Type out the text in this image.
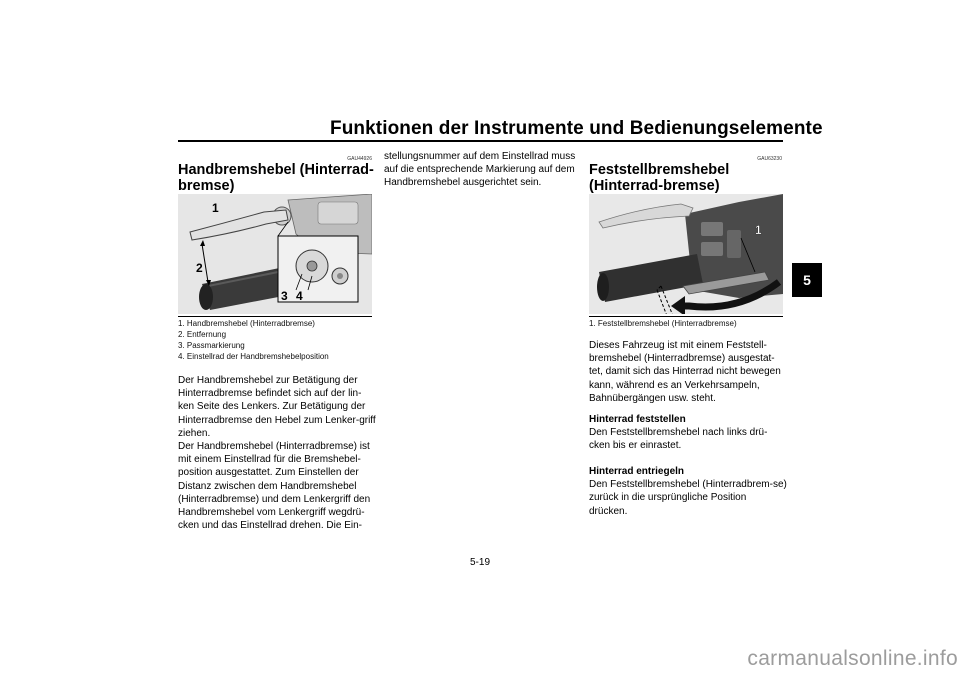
Funktionen der Instrumente und Bedienungselemente
5
GAU44926
Handbremshebel (Hinterrad-bremse)
1
2
3 4
1. Handbremshebel (Hinterradbremse)
2. Entfernung
3. Passmarkierung
4. Einstellrad der Handbremshebelposition
Der Handbremshebel zur Betätigung der Hinterradbremse befindet sich auf der lin-ken Seite des Lenkers. Zur Betätigung der Hinterradbremse den Hebel zum Lenker-griff ziehen.
Der Handbremshebel (Hinterradbremse) ist mit einem Einstellrad für die Bremshebel-position ausgestattet. Zum Einstellen der Distanz zwischen dem Handbremshebel (Hinterradbremse) und dem Lenkergriff den Handbremshebel vom Lenkergriff wegdrü-cken und das Einstellrad drehen. Die Ein-
stellungsnummer auf dem Einstellrad muss auf die entsprechende Markierung auf dem Handbremshebel ausgerichtet sein.
GAU63230
Feststellbremshebel (Hinterrad-bremse)
1
1. Feststellbremshebel (Hinterradbremse)
Dieses Fahrzeug ist mit einem Feststell-bremshebel (Hinterradbremse) ausgestat-tet, damit sich das Hinterrad nicht bewegen kann, während es an Verkehrsampeln, Bahnübergängen usw. steht.
Hinterrad feststellen
Den Feststellbremshebel nach links drü-cken bis er einrastet.
Hinterrad entriegeln
Den Feststellbremshebel (Hinterradbrem-se) zurück in die ursprüngliche Position drücken.
5-19
carmanualsonline.info
